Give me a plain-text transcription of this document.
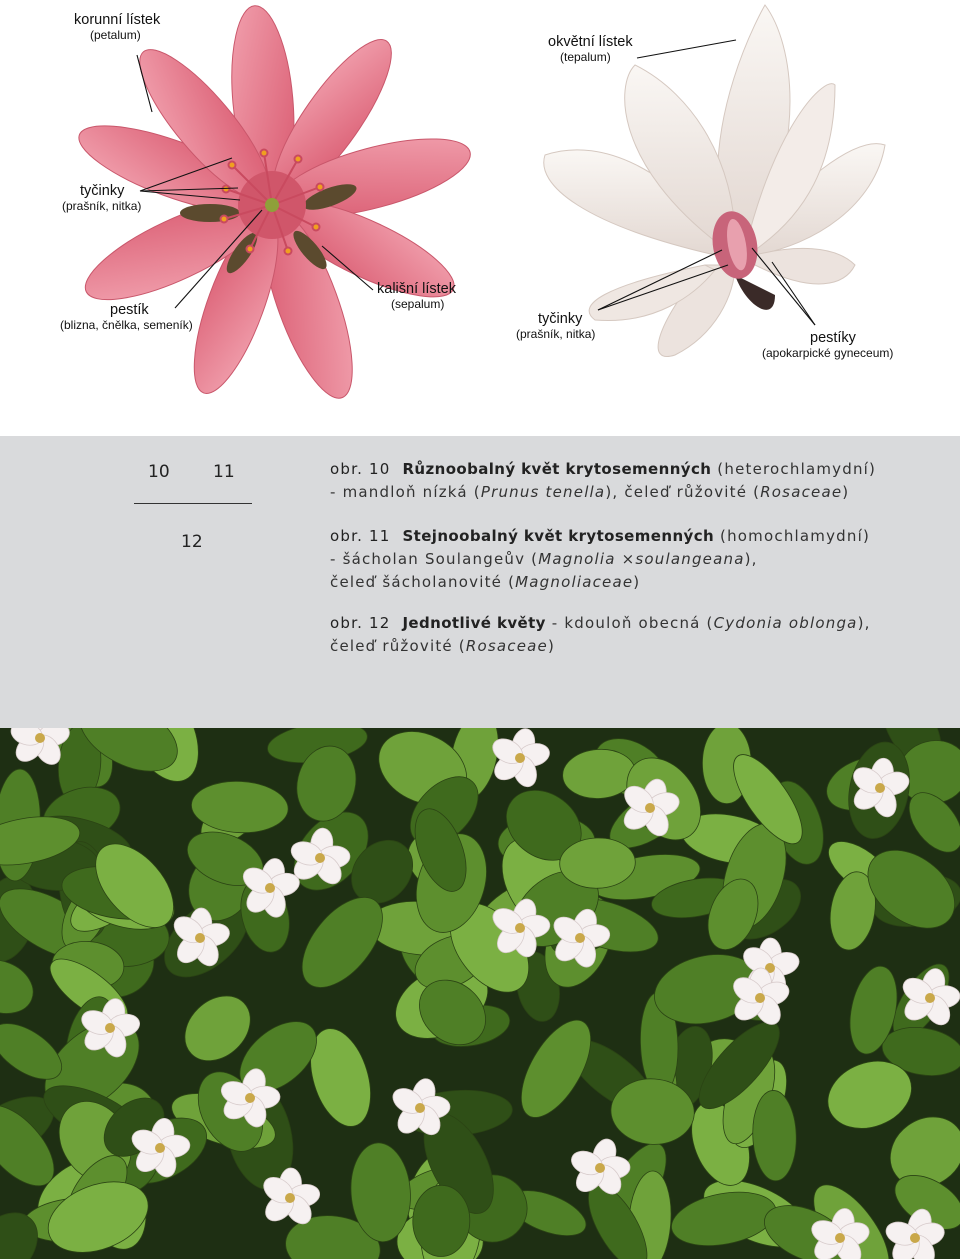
korunní lístek
(petalum)
tyčinky
(prašník, nitka)
pestík
(blizna, čnělka, semeník)
kališní lístek
(sepalum)
okvětní lístek
(tepalum)
tyčinky
(prašník, nitka)	pestíky
(apokarpické gyneceum)
10	11
12
obr. 10 Různoobalný květ krytosemenných (heterochlamydní)
- mandloň nízká (Prunus tenella), čeleď růžovité (Rosaceae)
obr. 11 Stejnoobalný květ krytosemenných (homochlamydní)
- šácholan Soulangeův (Magnolia ×soulangeana),
čeleď šácholanovité (Magnoliaceae)
obr. 12 Jednotlivé květy - kdouloň obecná (Cydonia oblonga),
čeleď růžovité (Rosaceae)
